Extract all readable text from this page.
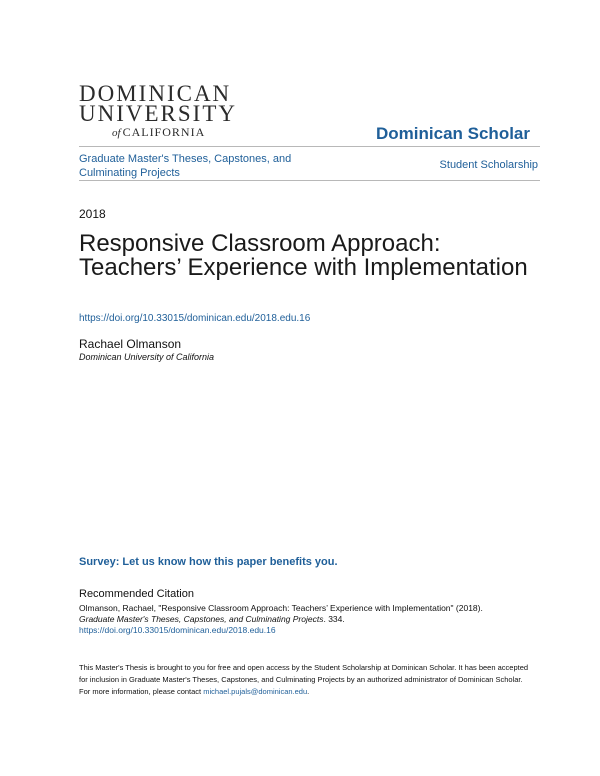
DOMINICAN
UNIVERSITY
of CALIFORNIA	Dominican Scholar
Graduate Master's Theses, Capstones, and Culminating Projects
Student Scholarship
2018
Responsive Classroom Approach: Teachers’ Experience with Implementation
https://doi.org/10.33015/dominican.edu/2018.edu.16
Rachael Olmanson
Dominican University of California
Survey: Let us know how this paper benefits you.
Recommended Citation
Olmanson, Rachael, "Responsive Classroom Approach: Teachers’ Experience with Implementation" (2018).
Graduate Master's Theses, Capstones, and Culminating Projects. 334.
https://doi.org/10.33015/dominican.edu/2018.edu.16
This Master's Thesis is brought to you for free and open access by the Student Scholarship at Dominican Scholar. It has been accepted for inclusion in Graduate Master's Theses, Capstones, and Culminating Projects by an authorized administrator of Dominican Scholar. For more information, please contact michael.pujals@dominican.edu.
